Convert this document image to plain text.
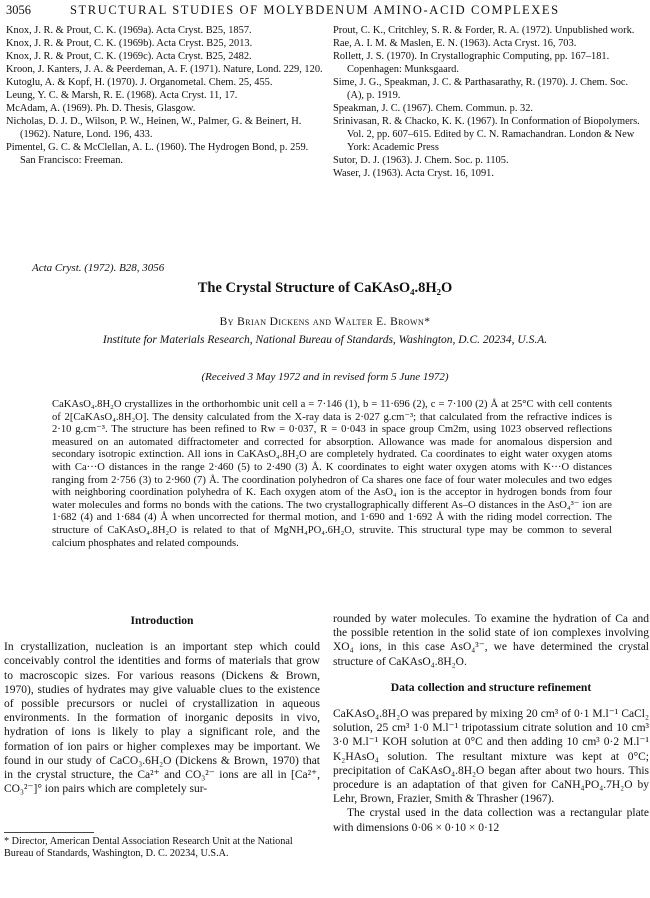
3056	STRUCTURAL STUDIES OF MOLYBDENUM AMINO-ACID COMPLEXES

Knox, J. R. & Prout, C. K. (1969a). Acta Cryst. B25, 1857.

Knox, J. R. & Prout, C. K. (1969b). Acta Cryst. B25, 2013.

Knox, J. R. & Prout, C. K. (1969c). Acta Cryst. B25, 2482.

Kroon, J. Kanters, J. A. & Peerdeman, A. F. (1971). Nature, Lond. 229, 120.

Kutoglu, A. & Kopf, H. (1970). J. Organometal. Chem. 25, 455.

Leung, Y. C. & Marsh, R. E. (1968). Acta Cryst. 11, 17.

McAdam, A. (1969). Ph. D. Thesis, Glasgow.

Nicholas, D. J. D., Wilson, P. W., Heinen, W., Palmer, G. & Beinert, H. (1962). Nature, Lond. 196, 433.

Pimentel, G. C. & McClellan, A. L. (1960). The Hydrogen Bond, p. 259. San Francisco: Freeman.

Prout, C. K., Critchley, S. R. & Forder, R. A. (1972). Unpublished work.

Rae, A. I. M. & Maslen, E. N. (1963). Acta Cryst. 16, 703.

Rollett, J. S. (1970). In Crystallographic Computing, pp. 167–181. Copenhagen: Munksgaard.

Sime, J. G., Speakman, J. C. & Parthasarathy, R. (1970). J. Chem. Soc. (A), p. 1919.

Speakman, J. C. (1967). Chem. Commun. p. 32.

Srinivasan, R. & Chacko, K. K. (1967). In Conformation of Biopolymers. Vol. 2, pp. 607–615. Edited by C. N. Ramachandran. London & New York: Academic Press

Sutor, D. J. (1963). J. Chem. Soc. p. 1105.

Waser, J. (1963). Acta Cryst. 16, 1091.

Acta Cryst. (1972). B28, 3056
The Crystal Structure of CaKAsO₄.8H₂O
By Brian Dickens and Walter E. Brown*
Institute for Materials Research, National Bureau of Standards, Washington, D.C. 20234, U.S.A.
(Received 3 May 1972 and in revised form 5 June 1972)
CaKAsO₄.8H₂O crystallizes in the orthorhombic unit cell a = 7·146 (1), b = 11·696 (2), c = 7·100 (2) Å at 25°C with cell contents of 2[CaKAsO₄.8H₂O]. The density calculated from the X-ray data is 2·027 g.cm⁻³; that calculated from the refractive indices is 2·10 g.cm⁻³. The structure has been refined to Rw = 0·037, R = 0·043 in space group Cm2m, using 1023 observed reflections measured on an automated diffractometer and corrected for absorption. Allowance was made for anomalous dispersion and secondary isotropic extinction. All ions in CaKAsO₄.8H₂O are completely hydrated. Ca coordinates to eight water oxygen atoms with Ca···O distances in the range 2·460 (5) to 2·490 (3) Å. K coordinates to eight water oxygen atoms with K···O distances ranging from 2·756 (3) to 2·960 (7) Å. The coordination polyhedron of Ca shares one face of four water molecules and two edges with neighboring coordination polyhedra of K. Each oxygen atom of the AsO₄ ion is the acceptor in hydrogen bonds from four water molecules and forms no bonds with the cations. The two crystallographically different As–O distances in the AsO₄³⁻ ion are 1·682 (4) and 1·684 (4) Å when uncorrected for thermal motion, and 1·690 and 1·692 Å with the riding model correction. The structure of CaKAsO₄.8H₂O is related to that of MgNH₄PO₄.6H₂O, struvite. This structural type may be common to several calcium phosphates and related compounds.
Introduction

In crystallization, nucleation is an important step which could conceivably control the identities and forms of materials that grow to macroscopic sizes. For various reasons (Dickens & Brown, 1970), studies of hydrates may give valuable clues to the existence of possible precursors or nuclei of crystallization in aqueous environments. In the formation of inorganic deposits in vivo, hydration of ions is likely to play a significant role, and the formation of ion pairs or higher complexes may be important. We found in our study of CaCO₃.6H₂O (Dickens & Brown, 1970) that in the crystal structure, the Ca²⁺ and CO₃²⁻ ions are all in [Ca²⁺, CO₃²⁻]° ion pairs which are completely sur-

rounded by water molecules. To examine the hydration of Ca and the possible retention in the solid state of ion complexes involving XO₄ ions, in this case AsO₄³⁻, we have determined the crystal structure of CaKAsO₄.8H₂O.

Data collection and structure refinement

CaKAsO₄.8H₂O was prepared by mixing 20 cm³ of 0·1 M.l⁻¹ CaCl₂ solution, 25 cm³ 1·0 M.l⁻¹ tripotassium citrate solution and 10 cm³ 3·0 M.l⁻¹ KOH solution at 0°C and then adding 10 cm³ 0·2 M.l⁻¹ K₂HAsO₄ solution. The resultant mixture was kept at 0°C; precipitation of CaKAsO₄.8H₂O began after about two hours. This procedure is an adaptation of that given for CaNH₄PO₄.7H₂O by Lehr, Brown, Frazier, Smith & Thrasher (1967).

The crystal used in the data collection was a rectangular plate with dimensions 0·06 × 0·10 × 0·12

* Director, American Dental Association Research Unit at the National Bureau of Standards, Washington, D. C. 20234, U.S.A.
